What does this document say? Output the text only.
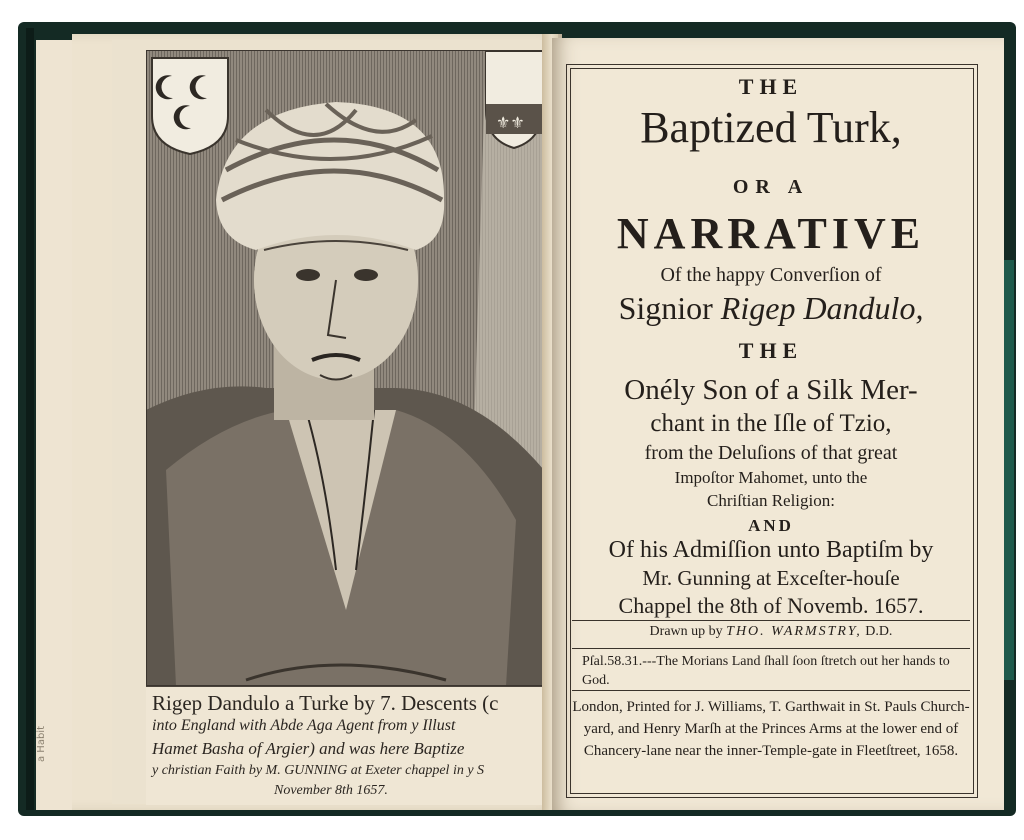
a Habit
⚜⚜
Rigep Dandulo a Turke by 7. Descents (c
into England with Abde Aga Agent from y Illust
Hamet Basha of Argier) and was here Baptize
y christian Faith by M. GUNNING at Exeter chappel in y S
November 8th 1657.
THE
Baptized Turk,
OR A
NARRATIVE
Of the happy Converſion of
Signior Rigep Dandulo,
THE
Onély Son of a Silk Mer-
chant in the Iſle of Tzio,
from the Deluſions of that great
Impoſtor Mahomet, unto the
Chriſtian Religion:
AND
Of his Admiſſion unto Baptiſm by
Mr. Gunning at Exceſter-houſe
Chappel the 8th of Novemb. 1657.
Drawn up by THO. WARMSTRY, D.D.
Pſal.58.31.---The Morians Land ſhall ſoon ſtretch out her hands to God.
London, Printed for J. Williams, T. Garthwait in St. Pauls Church-yard, and Henry Marſh at the Princes Arms at the lower end of Chancery-lane near the inner-Temple-gate in Fleetſtreet, 1658.
